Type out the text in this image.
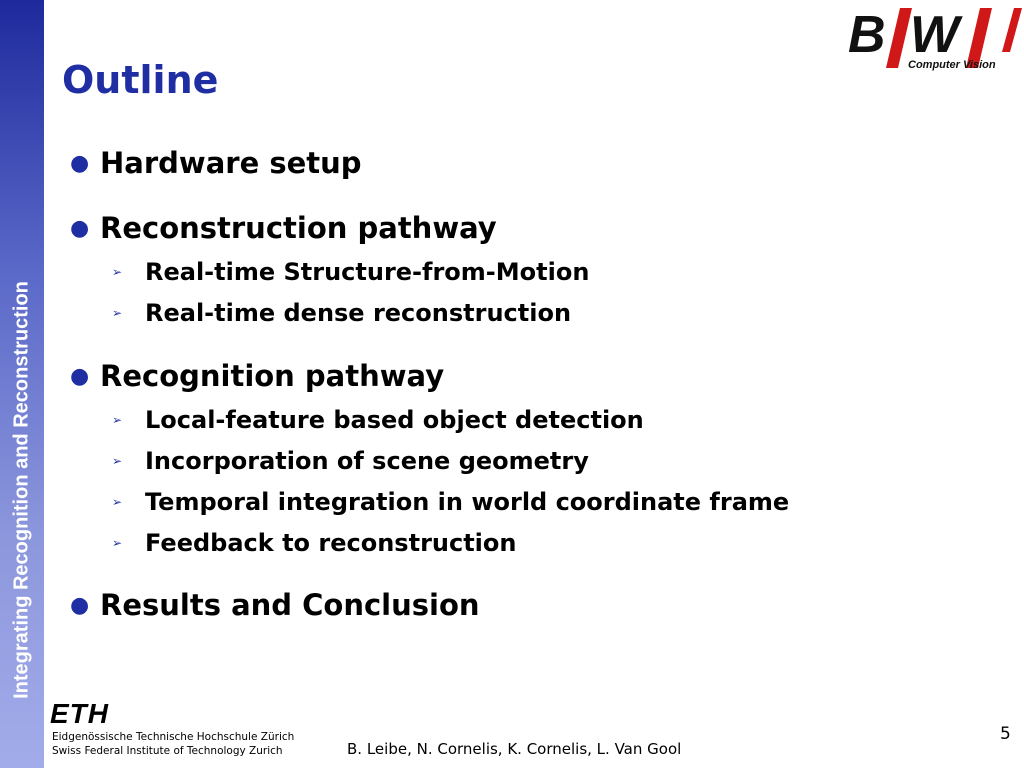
Integrating Recognition and Reconstruction
Outline
B W
Computer Vision
● Hardware setup
● Reconstruction pathway
➢ Real-time Structure-from-Motion
➢ Real-time dense reconstruction
● Recognition pathway
➢ Local-feature based object detection
➢ Incorporation of scene geometry
➢ Temporal integration in world coordinate frame
➢ Feedback to reconstruction
● Results and Conclusion
ETH
Eidgenössische Technische Hochschule Zürich
Swiss Federal Institute of Technology Zurich	B. Leibe, N. Cornelis, K. Cornelis, L. Van Gool
5
